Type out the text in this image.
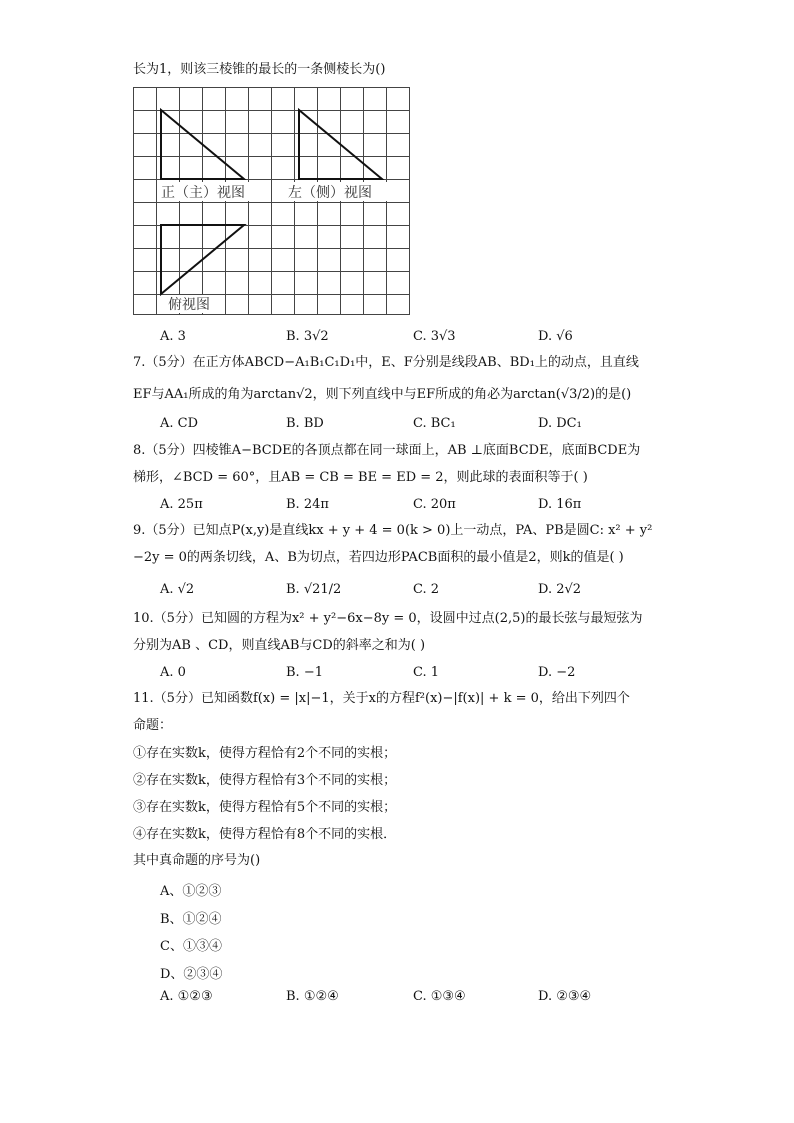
长为1，则该三棱锥的最长的一条侧棱长为()
正（主）视图	左（侧）视图
俯视图
A. 3	B. 3√2	C. 3√3	D. √6
7.（5分）在正方体ABCD−A₁B₁C₁D₁中，E、F分别是线段AB、BD₁上的动点，且直线
EF与AA₁所成的角为arctan√2，则下列直线中与EF所成的角必为arctan(√3/2)的是()
A. CD	B. BD	C. BC₁	D. DC₁
8.（5分）四棱锥A−BCDE的各顶点都在同一球面上，AB ⊥底面BCDE，底面BCDE为
梯形，∠BCD = 60°，且AB = CB = BE = ED = 2，则此球的表面积等于( )
A. 25π	B. 24π	C. 20π	D. 16π
9.（5分）已知点P(x,y)是直线kx + y + 4 = 0(k > 0)上一动点，PA、PB是圆C: x² + y²
−2y = 0的两条切线，A、B为切点，若四边形PACB面积的最小值是2，则k的值是( )
A. √2	B. √21/2	C. 2	D. 2√2
10.（5分）已知圆的方程为x² + y²−6x−8y = 0，设圆中过点(2,5)的最长弦与最短弦为
分别为AB 、CD，则直线AB与CD的斜率之和为( )
A. 0	B. −1	C. 1	D. −2
11.（5分）已知函数f(x) = |x|−1，关于x的方程f²(x)−|f(x)| + k = 0，给出下列四个
命题：
①存在实数k，使得方程恰有2个不同的实根；
②存在实数k，使得方程恰有3个不同的实根；
③存在实数k，使得方程恰有5个不同的实根；
④存在实数k，使得方程恰有8个不同的实根．
其中真命题的序号为()
A、①②③
B、①②④
C、①③④
D、②③④
A. ①②③	B. ①②④	C. ①③④	D. ②③④
